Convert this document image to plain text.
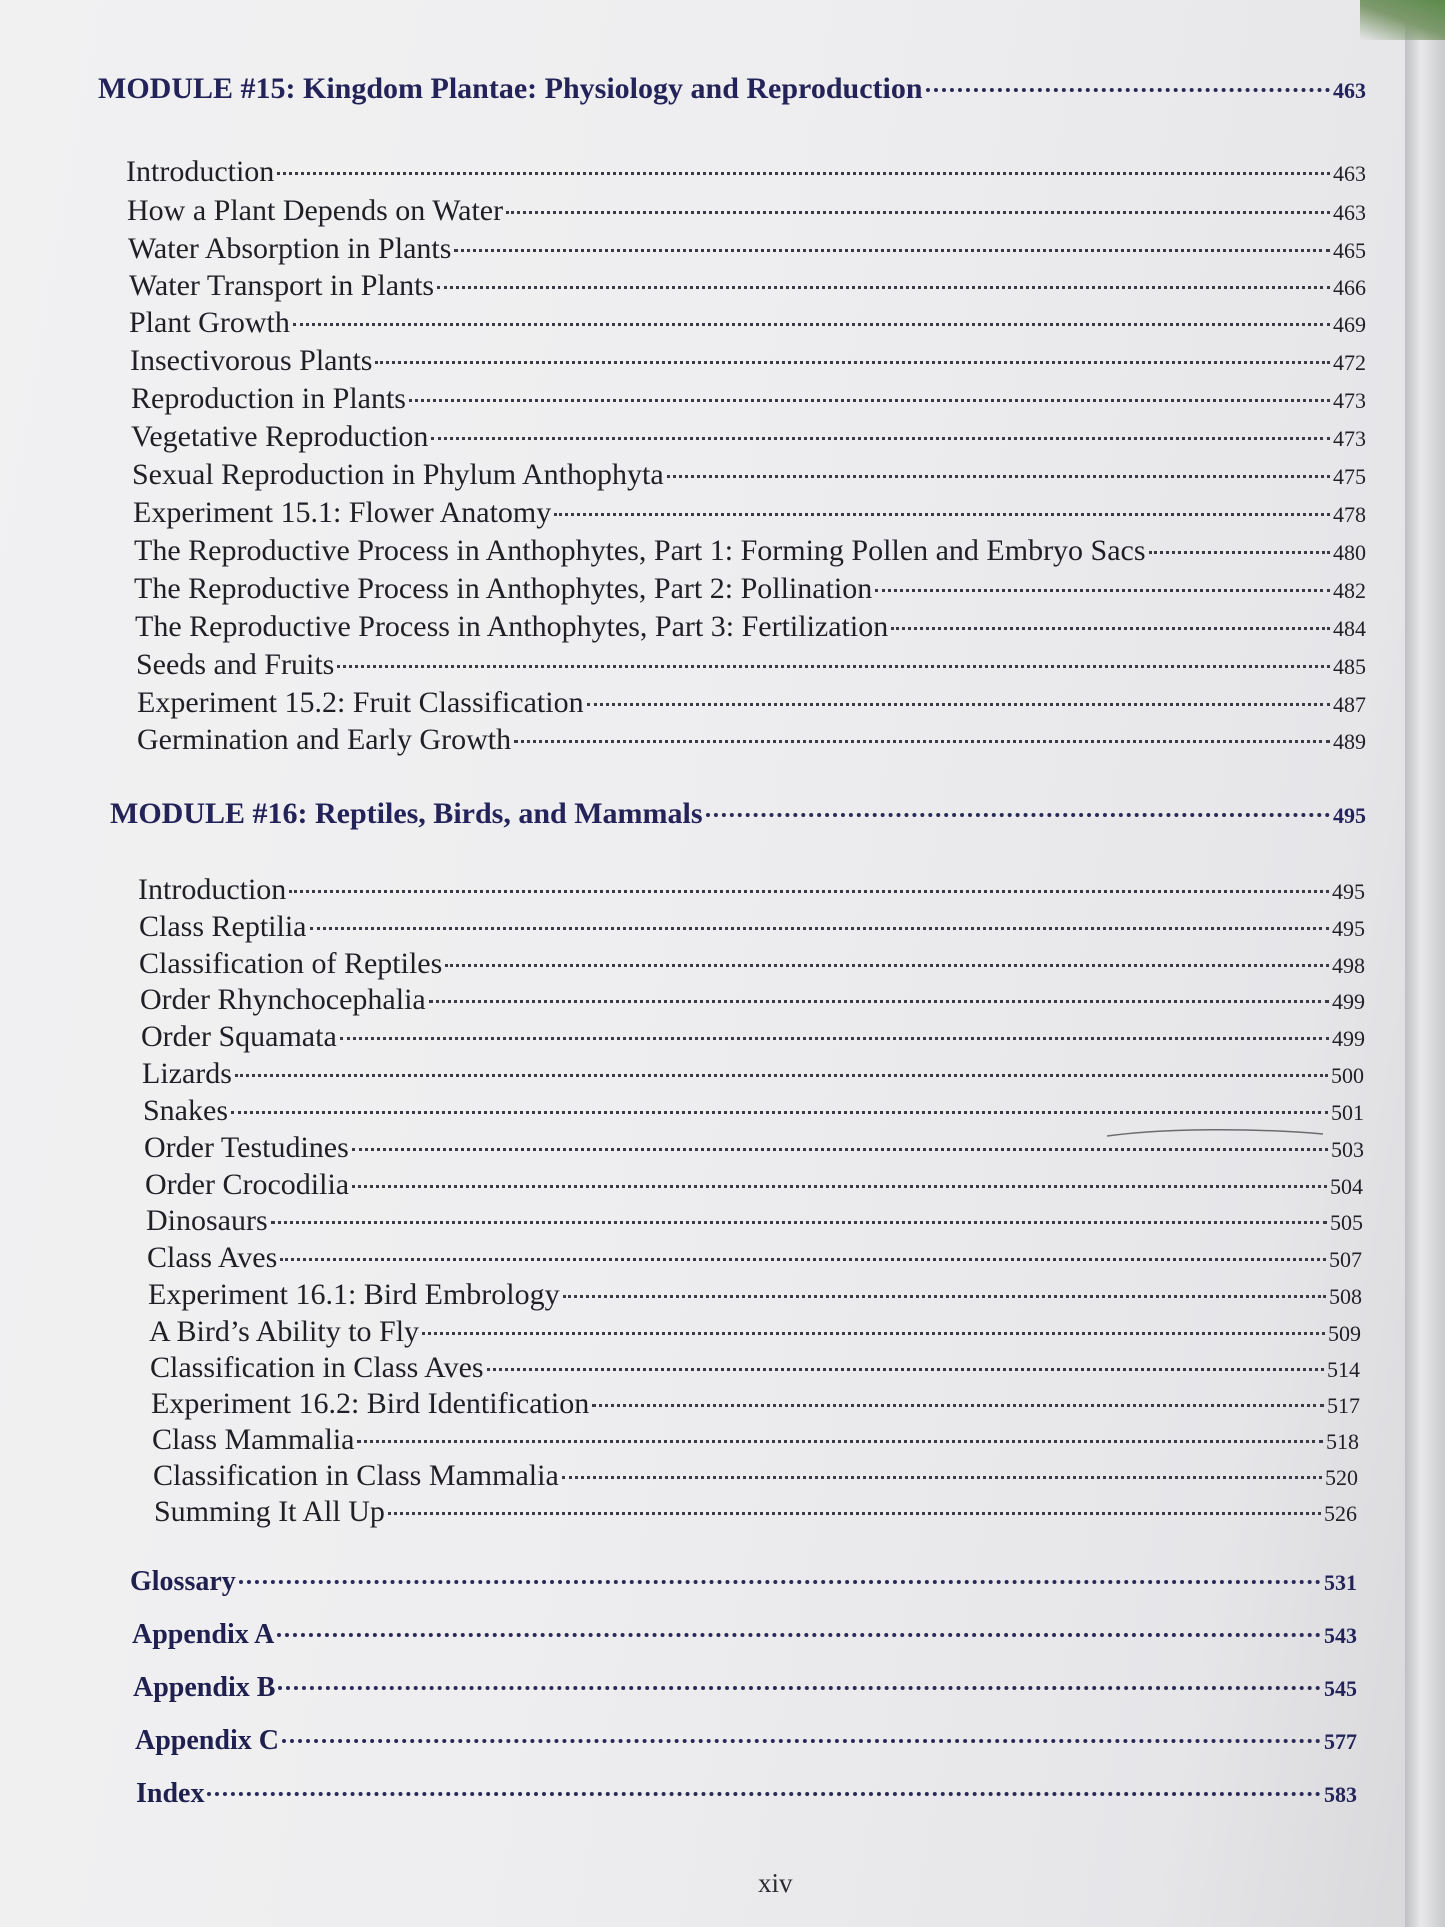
MODULE #15: Kingdom Plantae: Physiology and Reproduction	463
Introduction	463
How a Plant Depends on Water	463
Water Absorption in Plants	465
Water Transport in Plants	466
Plant Growth	469
Insectivorous Plants	472
Reproduction in Plants	473
Vegetative Reproduction	473
Sexual Reproduction in Phylum Anthophyta	475
Experiment 15.1: Flower Anatomy	478
The Reproductive Process in Anthophytes, Part 1: Forming Pollen and Embryo Sacs	480
The Reproductive Process in Anthophytes, Part 2: Pollination	482
The Reproductive Process in Anthophytes, Part 3: Fertilization	484
Seeds and Fruits	485
Experiment 15.2: Fruit Classification	487
Germination and Early Growth	489
MODULE #16: Reptiles, Birds, and Mammals	495
Introduction	495
Class Reptilia	495
Classification of Reptiles	498
Order Rhynchocephalia	499
Order Squamata	499
Lizards	500
Snakes	501
Order Testudines	503
Order Crocodilia	504
Dinosaurs	505
Class Aves	507
Experiment 16.1: Bird Embrology	508
A Bird’s Ability to Fly	509
Classification in Class Aves	514
Experiment 16.2: Bird Identification	517
Class Mammalia	518
Classification in Class Mammalia	520
Summing It All Up	526
Glossary	531
Appendix A	543
Appendix B	545
Appendix C	577
Index	583
xiv
